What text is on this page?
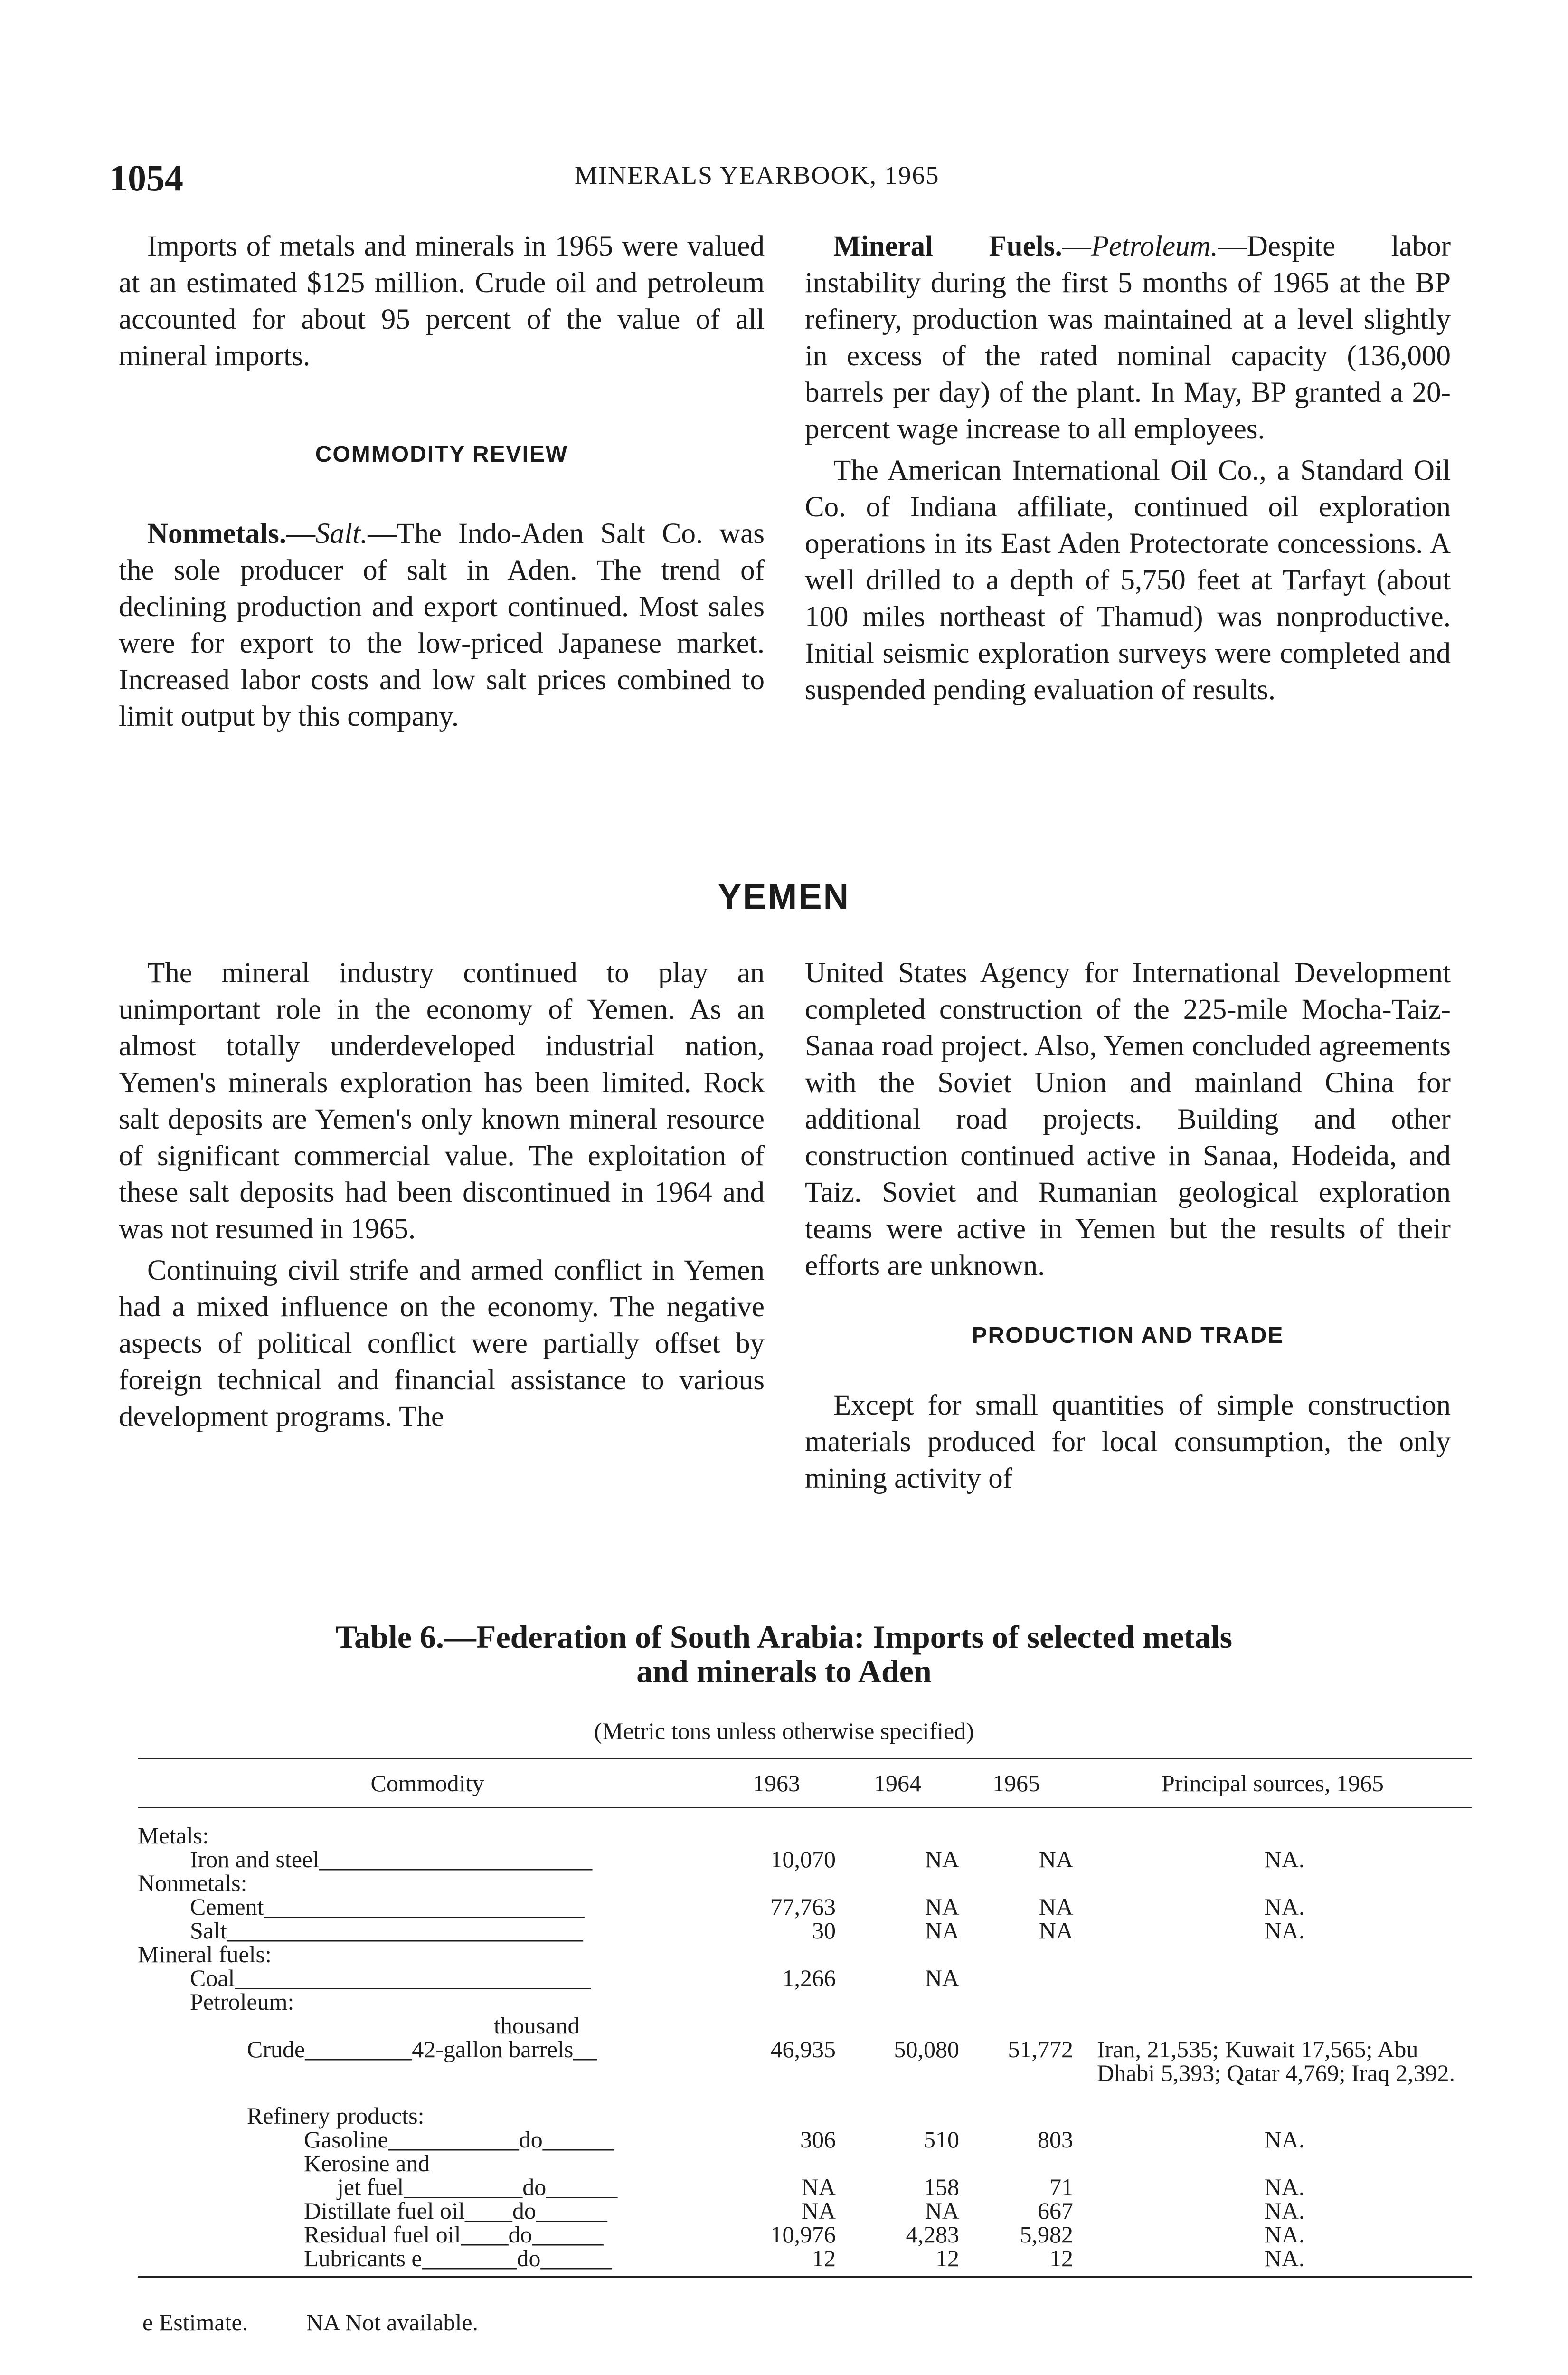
1054	MINERALS YEARBOOK, 1965

Imports of metals and minerals in 1965 were valued at an estimated $125 million. Crude oil and petroleum accounted for about 95 percent of the value of all mineral imports.

COMMODITY REVIEW

Nonmetals.—Salt.—The Indo-Aden Salt Co. was the sole producer of salt in Aden. The trend of declining production and export continued. Most sales were for export to the low-priced Japanese market. Increased labor costs and low salt prices combined to limit output by this company.

Mineral Fuels.—Petroleum.—Despite labor instability during the first 5 months of 1965 at the BP refinery, production was maintained at a level slightly in excess of the rated nominal capacity (136,000 barrels per day) of the plant. In May, BP granted a 20-percent wage increase to all employees.

The American International Oil Co., a Standard Oil Co. of Indiana affiliate, continued oil exploration operations in its East Aden Protectorate concessions. A well drilled to a depth of 5,750 feet at Tarfayt (about 100 miles northeast of Thamud) was nonproductive. Initial seismic exploration surveys were completed and suspended pending evaluation of results.

YEMEN

The mineral industry continued to play an unimportant role in the economy of Yemen. As an almost totally underdeveloped industrial nation, Yemen's minerals exploration has been limited. Rock salt deposits are Yemen's only known mineral resource of significant commercial value. The exploitation of these salt deposits had been discontinued in 1964 and was not resumed in 1965.

Continuing civil strife and armed conflict in Yemen had a mixed influence on the economy. The negative aspects of political conflict were partially offset by foreign technical and financial assistance to various development programs. The

United States Agency for International Development completed construction of the 225-mile Mocha-Taiz-Sanaa road project. Also, Yemen concluded agreements with the Soviet Union and mainland China for additional road projects. Building and other construction continued active in Sanaa, Hodeida, and Taiz. Soviet and Rumanian geological exploration teams were active in Yemen but the results of their efforts are unknown.

PRODUCTION AND TRADE

Except for small quantities of simple construction materials produced for local consumption, the only mining activity of

Table 6.—Federation of South Arabia: Imports of selected metals
and minerals to Aden
(Metric tons unless otherwise specified)
Commodity	1963	1964	1965	Principal sources, 1965
Metals:				
Iron and steel_______________________	10,070	NA	NA	NA.
Nonmetals:				
Cement___________________________	77,763	NA	NA	NA.
Salt______________________________	30	NA	NA	NA.
Mineral fuels:				
Coal______________________________	1,266	NA		
Petroleum:				
thousand				
Crude_________42-gallon barrels__	46,935	50,080	51,772	Iran, 21,535; Kuwait 17,565; Abu Dhabi 5,393; Qatar 4,769; Iraq 2,392.
Refinery products:				
Gasoline___________do______	306	510	803	NA.
Kerosine and				
jet fuel__________do______	NA	158	71	NA.
Distillate fuel oil____do______	NA	NA	667	NA.
Residual fuel oil____do______	10,976	4,283	5,982	NA.
Lubricants e________do______	12	12	12	NA.
e Estimate. NA Not available.
